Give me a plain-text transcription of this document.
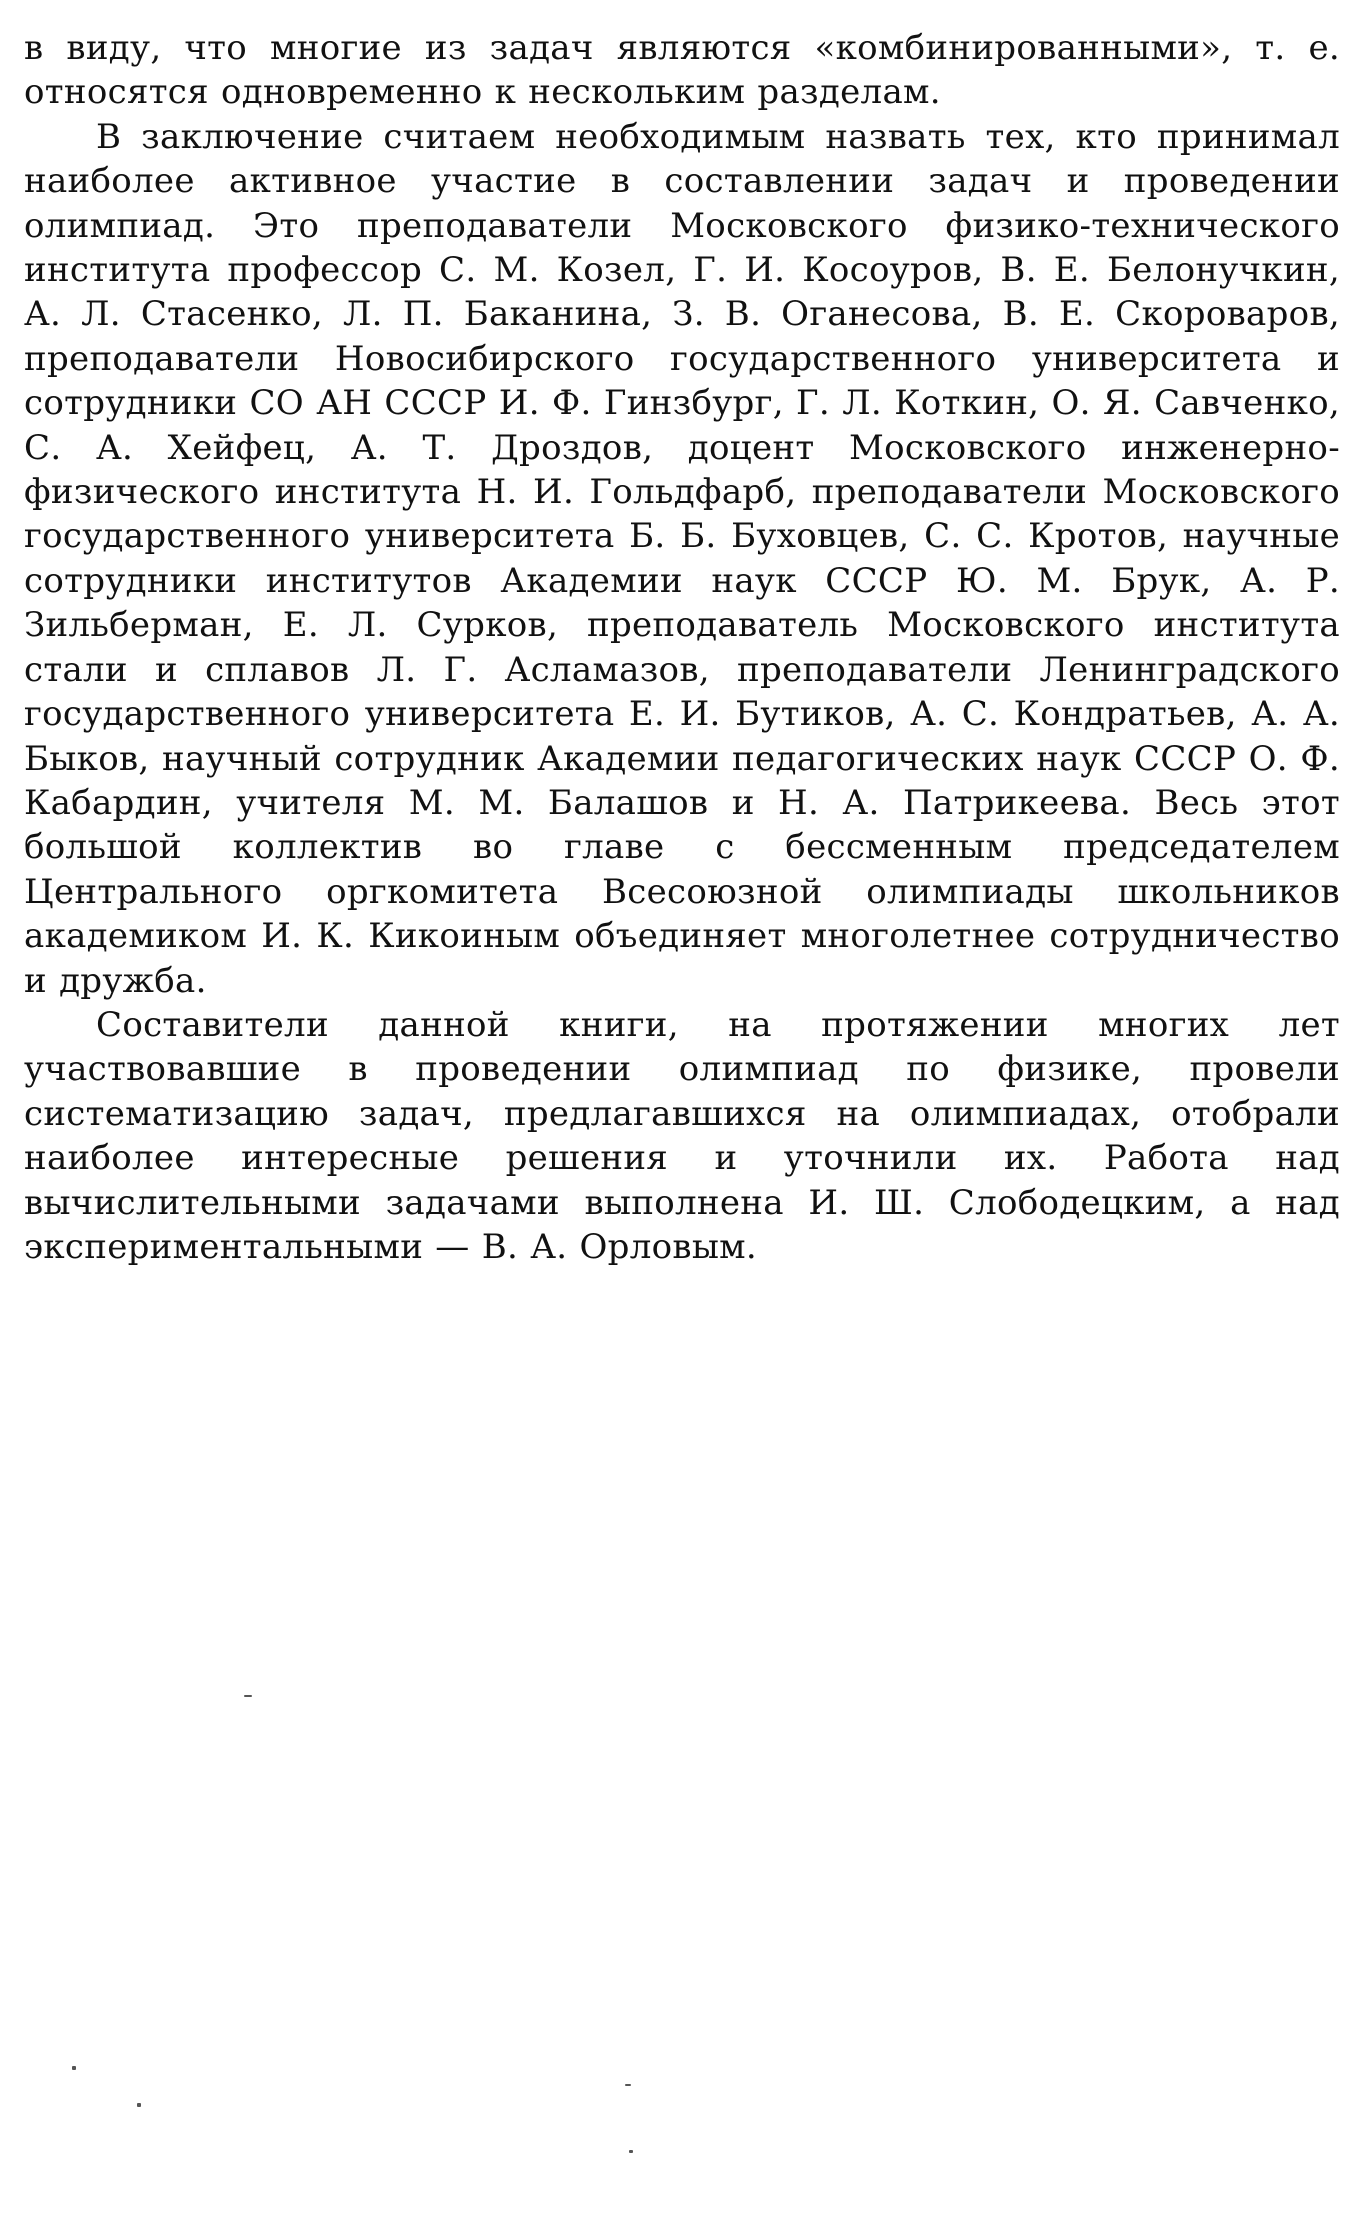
в виду, что многие из задач являются «комбинированными», т. е. относятся одновременно к нескольким разделам.

В заключение считаем необходимым назвать тех, кто принимал наиболее активное участие в составлении задач и проведении олимпиад. Это преподаватели Московского физико-технического института профессор С. М. Козел, Г. И. Косоуров, В. Е. Белонучкин, А. Л. Стасенко, Л. П. Баканина, З. В. Оганесова, В. Е. Скороваров, преподаватели Новосибирского государственного университета и сотрудники СО АН СССР И. Ф. Гинзбург, Г. Л. Коткин, О. Я. Савченко, С. А. Хейфец, А. Т. Дроздов, доцент Московского инженерно-физического института Н. И. Гольдфарб, преподаватели Московского государственного университета Б. Б. Буховцев, С. С. Кротов, научные сотрудники институтов Академии наук СССР Ю. М. Брук, А. Р. Зильберман, Е. Л. Сурков, преподаватель Московского института стали и сплавов Л. Г. Асламазов, преподаватели Ленинградского государственного университета Е. И. Бутиков, А. С. Кондратьев, А. А. Быков, научный сотрудник Академии педагогических наук СССР О. Ф. Кабардин, учителя М. М. Балашов и Н. А. Патрикеева. Весь этот большой коллектив во главе с бессменным председателем Центрального оргкомитета Всесоюзной олимпиады школьников академиком И. К. Кикоиным объединяет многолетнее сотрудничество и дружба.

Составители данной книги, на протяжении многих лет участвовавшие в проведении олимпиад по физике, провели систематизацию задач, предлагавшихся на олимпиадах, отобрали наиболее интересные решения и уточнили их. Работа над вычислительными задачами выполнена И. Ш. Слободецким, а над экспериментальными — В. А. Орловым.
